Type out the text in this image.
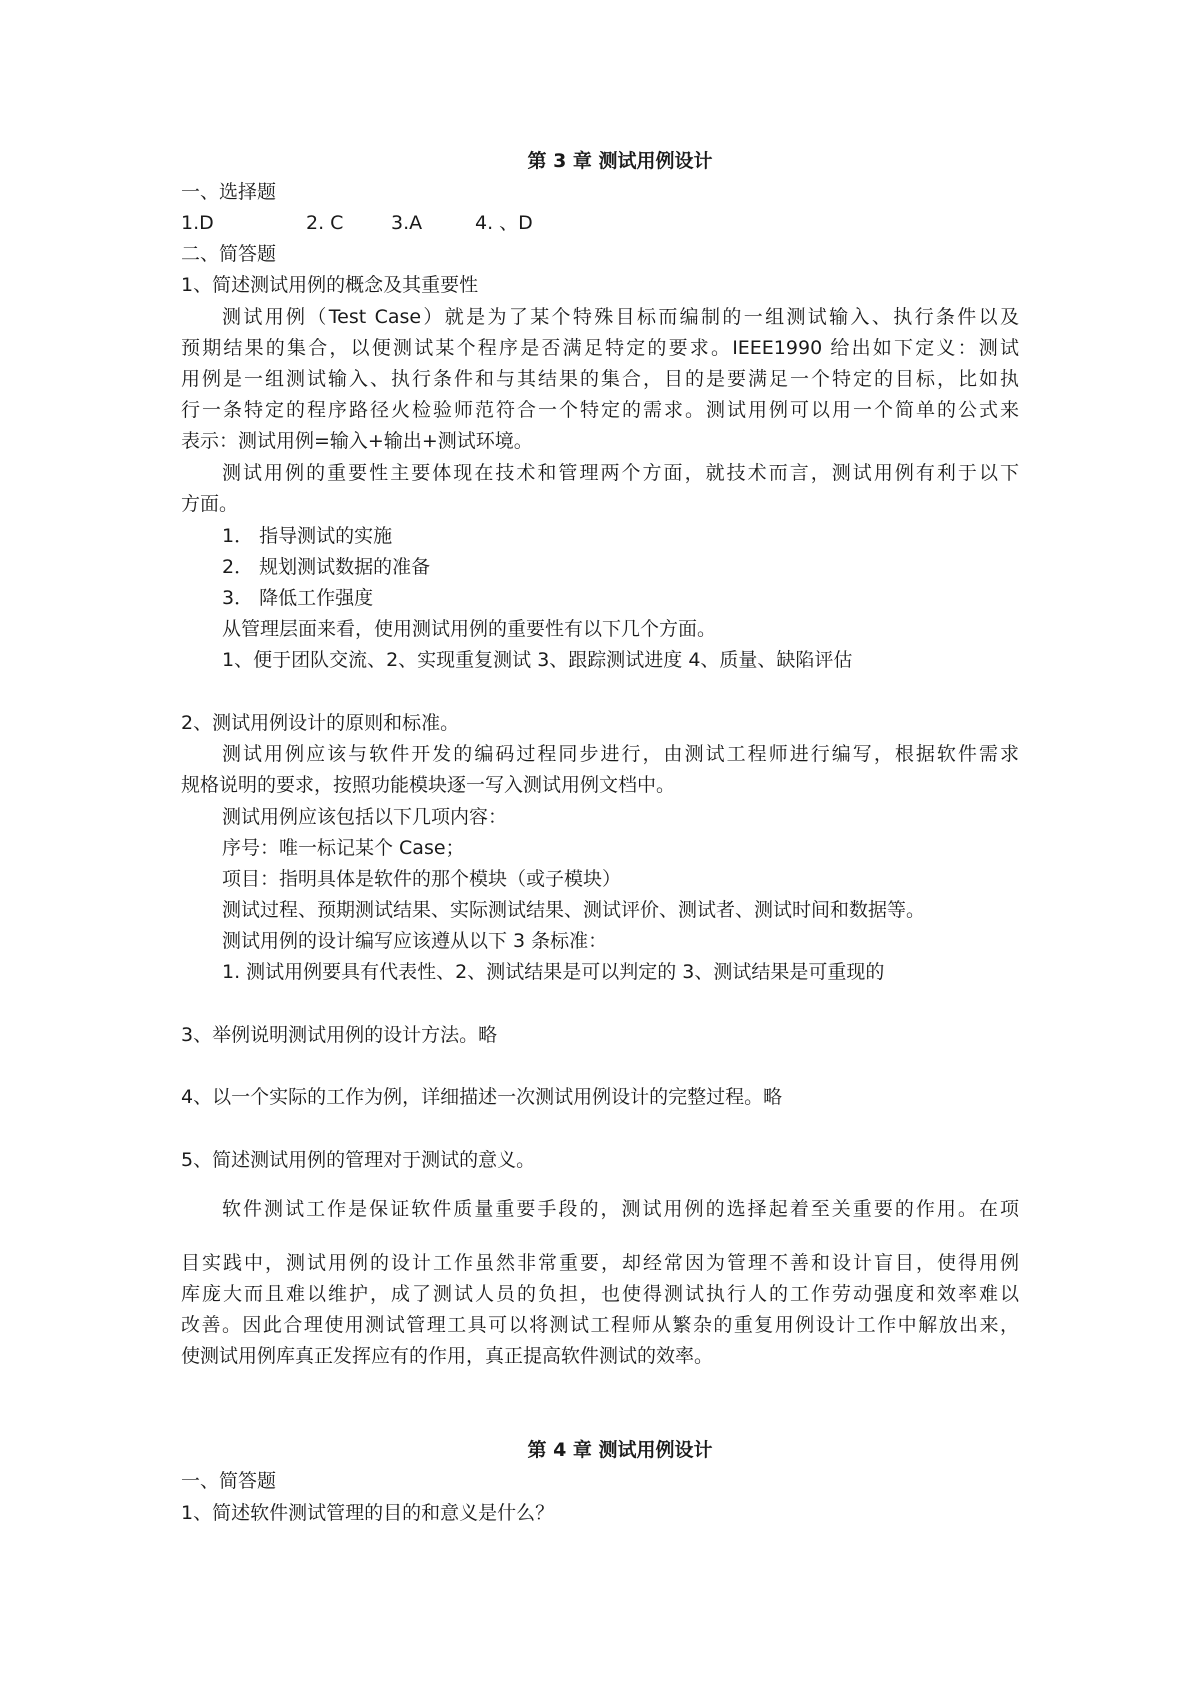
第 3 章 测试用例设计
一、选择题
1.D	2. C	3.A	4. 、D
二、简答题
1、简述测试用例的概念及其重要性
测试用例（Test Case）就是为了某个特殊目标而编制的一组测试输入、执行条件以及
预期结果的集合，以便测试某个程序是否满足特定的要求。IEEE1990 给出如下定义：测试
用例是一组测试输入、执行条件和与其结果的集合，目的是要满足一个特定的目标，比如执
行一条特定的程序路径火检验师范符合一个特定的需求。测试用例可以用一个简单的公式来
表示：测试用例=输入+输出+测试环境。
测试用例的重要性主要体现在技术和管理两个方面，就技术而言，测试用例有利于以下
方面。
1． 指导测试的实施
2． 规划测试数据的准备
3． 降低工作强度
从管理层面来看，使用测试用例的重要性有以下几个方面。
1、便于团队交流、2、实现重复测试 3、跟踪测试进度 4、质量、缺陷评估
2、测试用例设计的原则和标准。
测试用例应该与软件开发的编码过程同步进行，由测试工程师进行编写，根据软件需求
规格说明的要求，按照功能模块逐一写入测试用例文档中。
测试用例应该包括以下几项内容：
序号：唯一标记某个 Case；
项目：指明具体是软件的那个模块（或子模块）
测试过程、预期测试结果、实际测试结果、测试评价、测试者、测试时间和数据等。
测试用例的设计编写应该遵从以下 3 条标准：
1. 测试用例要具有代表性、2、测试结果是可以判定的 3、测试结果是可重现的
3、举例说明测试用例的设计方法。略
4、以一个实际的工作为例，详细描述一次测试用例设计的完整过程。略
5、简述测试用例的管理对于测试的意义。
软件测试工作是保证软件质量重要手段的，测试用例的选择起着至关重要的作用。在项
目实践中，测试用例的设计工作虽然非常重要，却经常因为管理不善和设计盲目，使得用例
库庞大而且难以维护，成了测试人员的负担，也使得测试执行人的工作劳动强度和效率难以
改善。因此合理使用测试管理工具可以将测试工程师从繁杂的重复用例设计工作中解放出来，
使测试用例库真正发挥应有的作用，真正提高软件测试的效率。
第 4 章 测试用例设计
一、简答题
1、简述软件测试管理的目的和意义是什么？
